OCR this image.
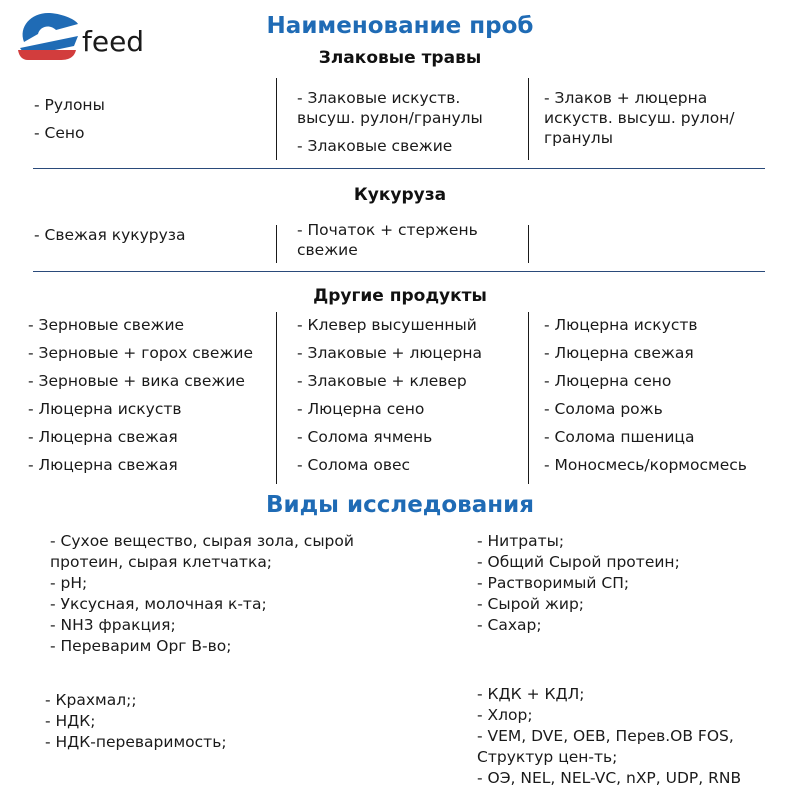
feed	Наименование проб
Злаковые травы
- Рулоны
- Сено
- Злаковые искуств. высуш. рулон/гранулы
- Злаковые свежие
- Злаков + люцерна искуств. высуш. рулон/гранулы
Кукуруза
- Свежая кукуруза	- Початок + стержень свежие
Другие продукты
- Зерновые свежие
- Зерновые + горох свежие
- Зерновые + вика свежие
- Люцерна искуств
- Люцерна свежая
- Люцерна свежая
- Клевер высушенный
- Злаковые + люцерна
- Злаковые + клевер
- Люцерна сено
- Солома ячмень
- Солома овес
- Люцерна искуств
- Люцерна свежая
- Люцерна сено
- Солома рожь
- Солома пшеница
- Моносмесь/кормосмесь
Виды исследования
- Сухое вещество, сырая зола, сырой
протеин, сырая клетчатка;
- pH;
- Уксусная, молочная к-та;
- NH3 фракция;
- Переварим Орг В-во;
- Нитраты;
- Общий Сырой протеин;
- Растворимый СП;
- Сырой жир;
- Сахар;
- Крахмал;;
- НДК;
- НДК-переваримость;
- КДК + КДЛ;
- Хлор;
- VEM, DVE, OEB, Перев.OB FOS,
Структур цен-ть;
- ОЭ, NEL, NEL-VC, nXP, UDP, RNB
